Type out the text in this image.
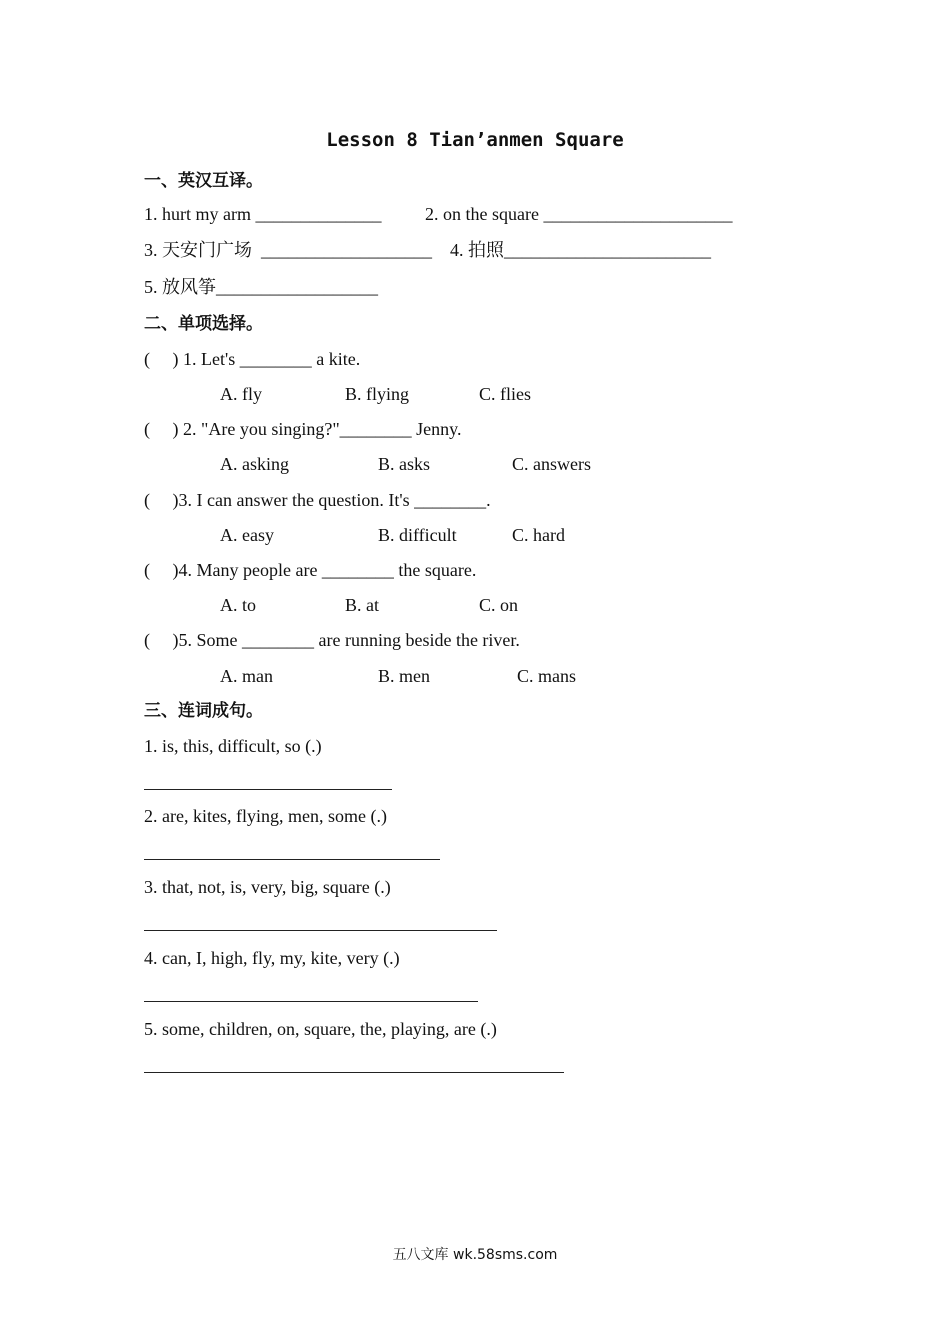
Lesson 8 Tian’anmen Square
一、英汉互译。
1. hurt my arm ______________ 2. on the square _____________________
3. 天安门广场  ___________________ 4. 拍照_______________________
5. 放风筝__________________
二、单项选择。
(     ) 1. Let's ________ a kite.
A. fly	B. flying	C. flies
(     ) 2. "Are you singing?"________ Jenny.
A. asking	B. asks	C. answers
(     )3. I can answer the question. It's ________.
A. easy	B. difficult	C. hard
(     )4. Many people are ________ the square.
A. to	B. at	C. on
(     )5. Some ________ are running beside the river.
A. man	B. men	C. mans
三、连词成句。
1. is, this, difficult, so (.)
2. are, kites, flying, men, some (.)
3. that, not, is, very, big, square (.)
4. can, I, high, fly, my, kite, very (.)
5. some, children, on, square, the, playing, are (.)
五八文库 wk.58sms.com
